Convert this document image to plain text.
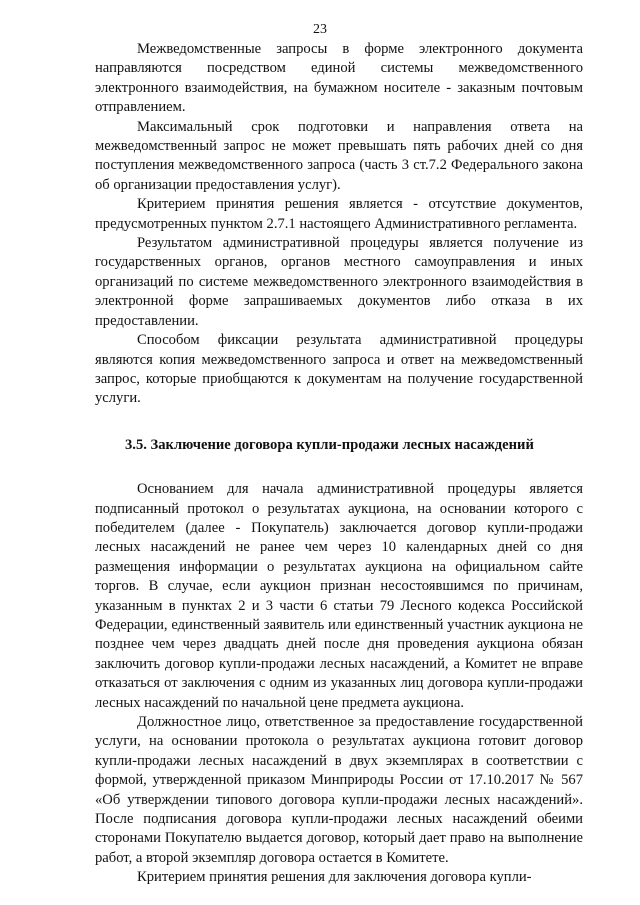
23

Межведомственные запросы в форме электронного документа направляются посредством единой системы межведомственного электронного взаимодействия, на бумажном носителе - заказным почтовым отправлением.

Максимальный срок подготовки и направления ответа на межведомственный запрос не может превышать пять рабочих дней со дня поступления межведомственного запроса (часть 3 ст.7.2 Федерального закона об организации предоставления услуг).

Критерием принятия решения является - отсутствие документов, предусмотренных пунктом 2.7.1 настоящего Административного регламента.

Результатом административной процедуры является получение из государственных органов, органов местного самоуправления и иных организаций по системе межведомственного электронного взаимодействия в электронной форме запрашиваемых документов либо отказа в их предоставлении.

Способом фиксации результата административной процедуры являются копия межведомственного запроса и ответ на межведомственный запрос, которые приобщаются к документам на получение государственной услуги.

3.5. Заключение договора купли-продажи лесных насаждений

Основанием для начала административной процедуры является подписанный протокол о результатах аукциона, на основании которого с победителем (далее - Покупатель) заключается договор купли-продажи лесных насаждений не ранее чем через 10 календарных дней со дня размещения информации о результатах аукциона на официальном сайте торгов. В случае, если аукцион признан несостоявшимся по причинам, указанным в пунктах 2 и 3 части 6 статьи 79 Лесного кодекса Российской Федерации, единственный заявитель или единственный участник аукциона не позднее чем через двадцать дней после дня проведения аукциона обязан заключить договор купли-продажи лесных насаждений, а Комитет не вправе отказаться от заключения с одним из указанных лиц договора купли-продажи лесных насаждений по начальной цене предмета аукциона.

Должностное лицо, ответственное за предоставление государственной услуги, на основании протокола о результатах аукциона готовит договор купли-продажи лесных насаждений в двух экземплярах в соответствии с формой, утвержденной приказом Минприроды России от 17.10.2017 № 567 «Об утверждении типового договора купли-продажи лесных насаждений». После подписания договора купли-продажи лесных насаждений обеими сторонами Покупателю выдается договор, который дает право на выполнение работ, а второй экземпляр договора остается в Комитете.

Критерием принятия решения для заключения договора купли-
